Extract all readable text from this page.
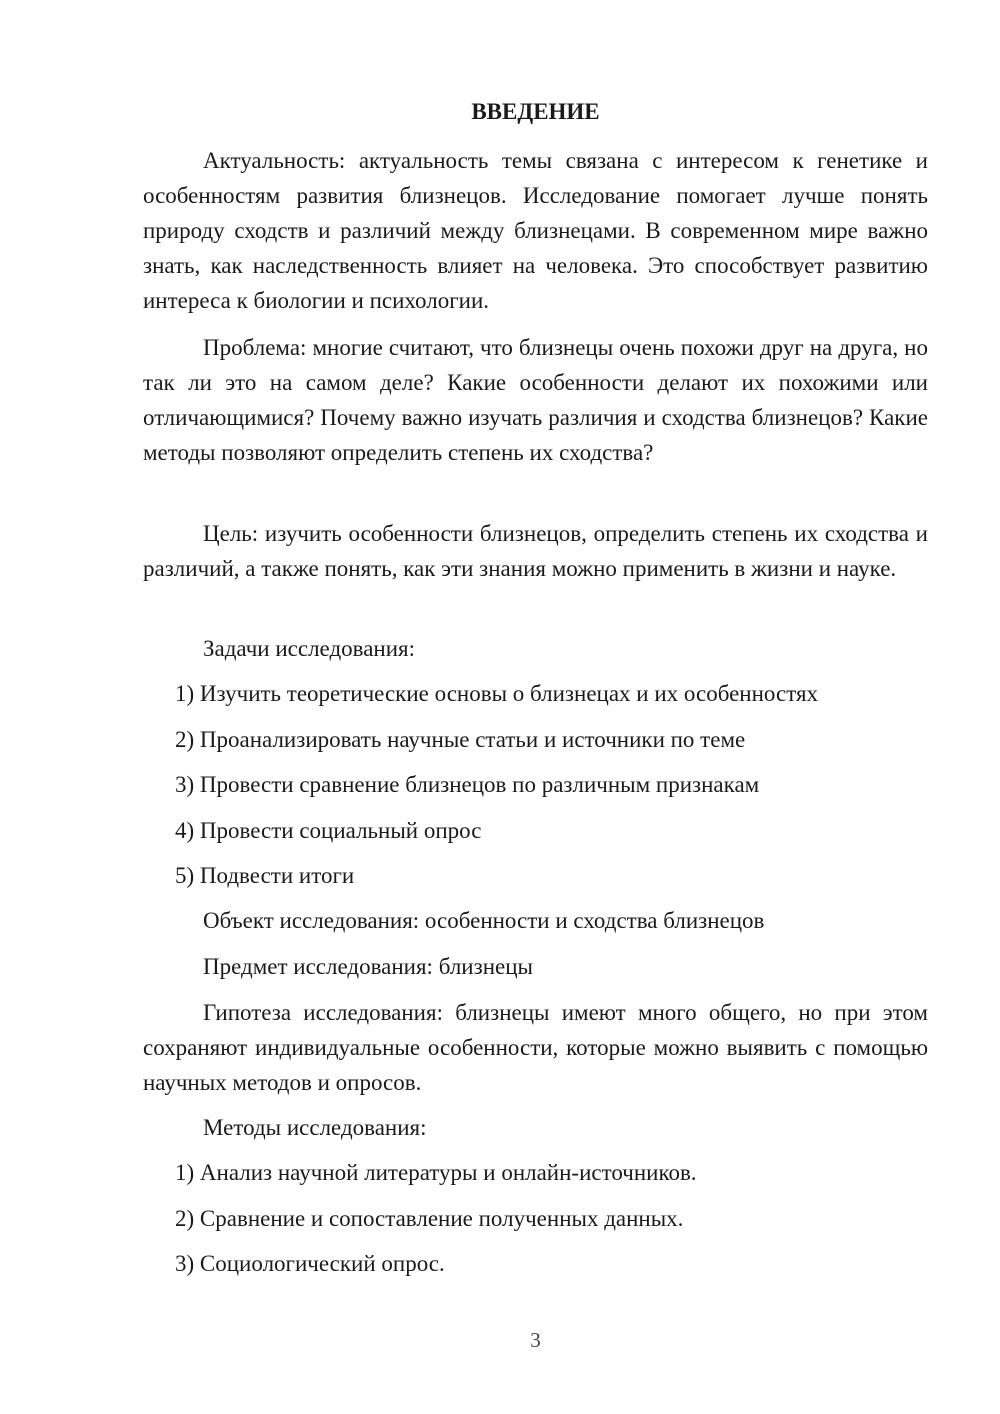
ВВЕДЕНИЕ

Актуальность: актуальность темы связана с интересом к генетике и особенностям развития близнецов. Исследование помогает лучше понять природу сходств и различий между близнецами. В современном мире важно знать, как наследственность влияет на человека. Это способствует развитию интереса к биологии и психологии.

Проблема: многие считают, что близнецы очень похожи друг на друга, но так ли это на самом деле? Какие особенности делают их похожими или отличающимися? Почему важно изучать различия и сходства близнецов? Какие методы позволяют определить степень их сходства?

Цель: изучить особенности близнецов, определить степень их сходства и различий, а также понять, как эти знания можно применить в жизни и науке.

Задачи исследования:

1) Изучить теоретические основы о близнецах и их особенностях

2) Проанализировать научные статьи и источники по теме

3) Провести сравнение близнецов по различным признакам

4) Провести социальный опрос

5) Подвести итоги

Объект исследования: особенности и сходства близнецов

Предмет исследования: близнецы

Гипотеза исследования: близнецы имеют много общего, но при этом сохраняют индивидуальные особенности, которые можно выявить с помощью научных методов и опросов.

Методы исследования:

1) Анализ научной литературы и онлайн-источников.

2) Сравнение и сопоставление полученных данных.

3) Социологический опрос.

3
